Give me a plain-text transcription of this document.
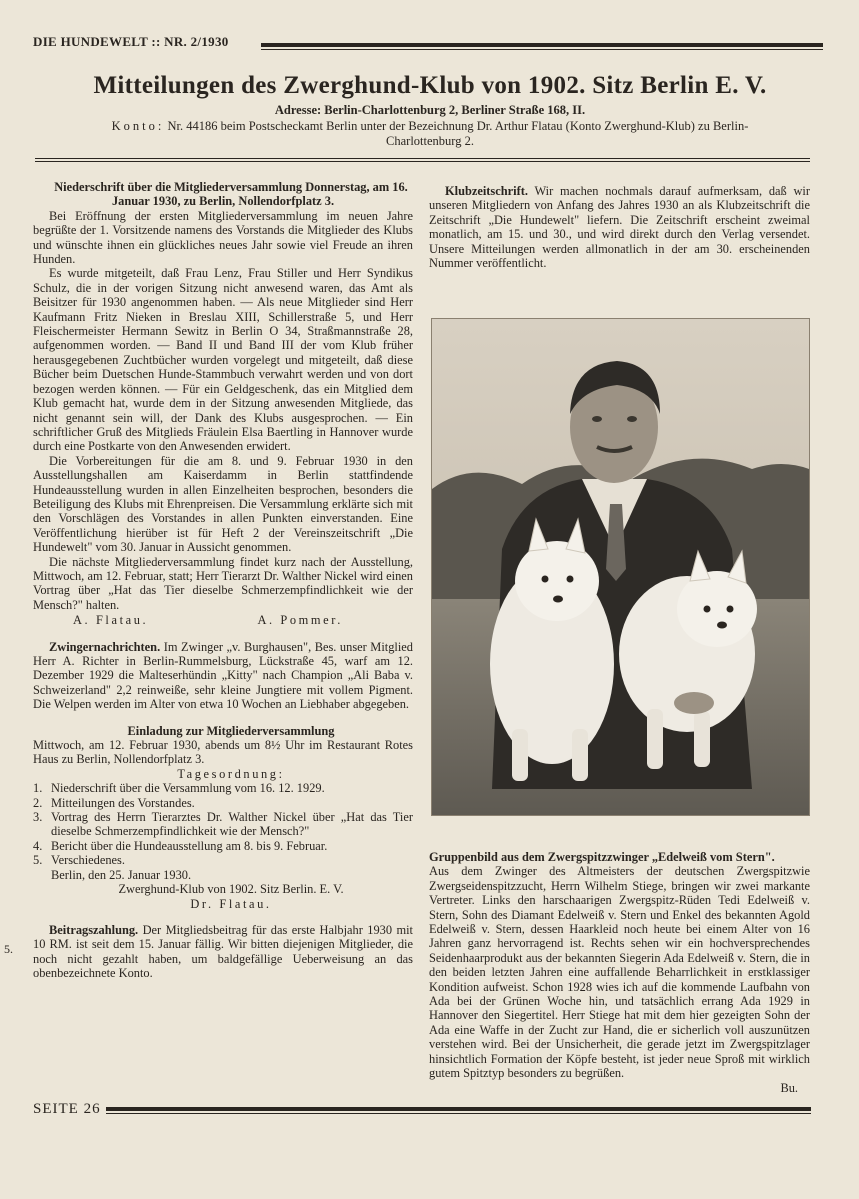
DIE HUNDEWELT :: NR. 2/1930
Mitteilungen des Zwerghund-Klub von 1902. Sitz Berlin E. V.
Adresse: Berlin-Charlottenburg 2, Berliner Straße 168, II.
Konto: Nr. 44186 beim Postscheckamt Berlin unter der Bezeichnung Dr. Arthur Flatau (Konto Zwerghund-Klub) zu Berlin-Charlottenburg 2.

Niederschrift über die Mitgliederversammlung Donnerstag, am 16. Januar 1930, zu Berlin, Nollendorfplatz 3.

Bei Eröffnung der ersten Mitgliederversammlung im neuen Jahre begrüßte der 1. Vorsitzende namens des Vorstands die Mitglieder des Klubs und wünschte ihnen ein glückliches neues Jahr sowie viel Freude an ihren Hunden.

Es wurde mitgeteilt, daß Frau Lenz, Frau Stiller und Herr Syndikus Schulz, die in der vorigen Sitzung nicht anwesend waren, das Amt als Beisitzer für 1930 angenommen haben. — Als neue Mitglieder sind Herr Kaufmann Fritz Nieken in Breslau XIII, Schillerstraße 5, und Herr Fleischermeister Hermann Sewitz in Berlin O 34, Straßmannstraße 28, aufgenommen worden. — Band II und Band III der vom Klub früher herausgegebenen Zuchtbücher wurden vorgelegt und mitgeteilt, daß diese Bücher beim Duetschen Hunde-Stammbuch verwahrt werden und von dort bezogen werden können. — Für ein Geldgeschenk, das ein Mitglied dem Klub gemacht hat, wurde dem in der Sitzung anwesenden Mitgliede, das nicht genannt sein will, der Dank des Klubs ausgesprochen. — Ein schriftlicher Gruß des Mitglieds Fräulein Elsa Baertling in Hannover wurde durch eine Postkarte von den Anwesenden erwidert.

Die Vorbereitungen für die am 8. und 9. Februar 1930 in den Ausstellungshallen am Kaiserdamm in Berlin stattfindende Hundeausstellung wurden in allen Einzelheiten besprochen, besonders die Beteiligung des Klubs mit Ehrenpreisen. Die Versammlung erklärte sich mit den Vorschlägen des Vorstandes in allen Punkten einverstanden. Eine Veröffentlichung hierüber ist für Heft 2 der Vereinszeitschrift „Die Hundewelt" vom 30. Januar in Aussicht genommen.

Die nächste Mitgliederversammlung findet kurz nach der Ausstellung, Mittwoch, am 12. Februar, statt; Herr Tierarzt Dr. Walther Nickel wird einen Vortrag über „Hat das Tier dieselbe Schmerzempfindlichkeit wie der Mensch?" halten.

A. Flatau.	A. Pommer.

Zwingernachrichten. Im Zwinger „v. Burghausen", Bes. unser Mitglied Herr A. Richter in Berlin-Rummelsburg, Lückstraße 45, warf am 12. Dezember 1929 die Malteserhündin „Kitty" nach Champion „Ali Baba v. Schweizerland" 2,2 reinweiße, sehr kleine Jungtiere mit vollem Pigment. Die Welpen werden im Alter von etwa 10 Wochen an Liebhaber abgegeben.

Einladung zur Mitgliederversammlung

Mittwoch, am 12. Februar 1930, abends um 8½ Uhr im Restaurant Rotes Haus zu Berlin, Nollendorfplatz 3.

Tagesordnung:

1. Niederschrift über die Versammlung vom 16. 12. 1929.
2. Mitteilungen des Vorstandes.
3. Vortrag des Herrn Tierarztes Dr. Walther Nickel über „Hat das Tier dieselbe Schmerzempfindlichkeit wie der Mensch?"
4. Bericht über die Hundeausstellung am 8. bis 9. Februar.
5. Verschiedenes.

Berlin, den 25. Januar 1930.

Zwerghund-Klub von 1902. Sitz Berlin. E. V.

Dr. Flatau.

Beitragszahlung. Der Mitgliedsbeitrag für das erste Halbjahr 1930 mit 10 RM. ist seit dem 15. Januar fällig. Wir bitten diejenigen Mitglieder, die noch nicht gezahlt haben, um baldgefällige Ueberweisung an das obenbezeichnete Konto.

Klubzeitschrift. Wir machen nochmals darauf aufmerksam, daß wir unseren Mitgliedern von Anfang des Jahres 1930 an als Klubzeitschrift die Zeitschrift „Die Hundewelt" liefern. Die Zeitschrift erscheint zweimal monatlich, am 15. und 30., und wird direkt durch den Verlag versendet. Unsere Mitteilungen werden allmonatlich in der am 30. erscheinenden Nummer veröffentlicht.

Gruppenbild aus dem Zwergspitzzwinger „Edelweiß vom Stern".

Aus dem Zwinger des Altmeisters der deutschen Zwergspitzwie Zwergseidenspitzzucht, Herrn Wilhelm Stiege, bringen wir zwei markante Vertreter. Links den harschaarigen Zwergspitz-Rüden Tedi Edelweiß v. Stern, Sohn des Diamant Edelweiß v. Stern und Enkel des bekannten Agold Edelweiß v. Stern, dessen Haarkleid noch heute bei einem Alter von 16 Jahren ganz hervorragend ist. Rechts sehen wir ein hochversprechendes Seidenhaarprodukt aus der bekannten Siegerin Ada Edelweiß v. Stern, die in den beiden letzten Jahren eine auffallende Beharrlichkeit in erstklassiger Kondition aufweist. Schon 1928 wies ich auf die kommende Laufbahn von Ada bei der Grünen Woche hin, und tatsächlich errang Ada 1929 in Hannover den Siegertitel. Herr Stiege hat mit dem hier gezeigten Sohn der Ada eine Waffe in der Zucht zur Hand, die er sicherlich voll auszunützen verstehen wird. Bei der Unsicherheit, die gerade jetzt im Zwergspitzlager hinsichtlich Formation der Köpfe besteht, ist jeder neue Sproß mit wirklich gutem Spitztyp besonders zu begrüßen.

Bu.

5.
SEITE 26
